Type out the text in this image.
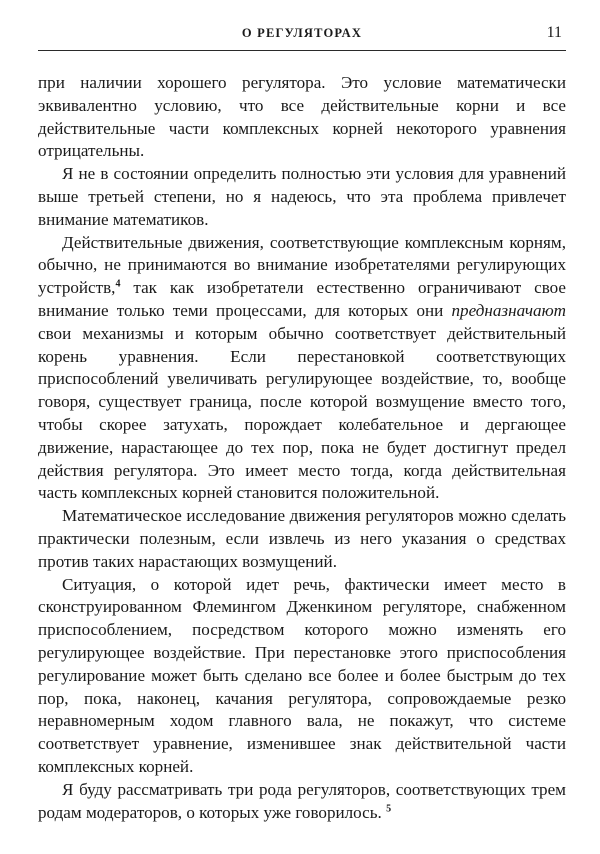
О РЕГУЛЯТОРАХ	11

при наличии хорошего регулятора. Это условие математически эквивалентно условию, что все действительные корни и все действительные части комплексных корней некоторого уравнения отрицательны.

Я не в состоянии определить полностью эти условия для уравнений выше третьей степени, но я надеюсь, что эта проблема привлечет внимание математиков.

Действительные движения, соответствующие комплексным корням, обычно, не принимаются во внимание изобретателями регулирующих устройств,$^4$ так как изобретатели естественно ограничивают свое внимание только теми процессами, для которых они предназначают свои механизмы и которым обычно соответствует действительный корень уравнения. Если перестановкой соответствующих приспособлений увеличивать регулирующее воздействие, то, вообще говоря, существует граница, после которой возмущение вместо того, чтобы скорее затухать, порождает колебательное и дергающее движение, нарастающее до тех пор, пока не будет достигнут предел действия регулятора. Это имеет место тогда, когда действительная часть комплексных корней становится положительной.

Математическое исследование движения регуляторов можно сделать практически полезным, если извлечь из него указания о средствах против таких нарастающих возмущений.

Ситуация, о которой идет речь, фактически имеет место в сконструированном Флемингом Дженкином регуляторе, снабженном приспособлением, посредством которого можно изменять его регулирующее воздействие. При перестановке этого приспособления регулирование может быть сделано все более и более быстрым до тех пор, пока, наконец, качания регулятора, сопровождаемые резко неравномерным ходом главного вала, не покажут, что системе соответствует уравнение, изменившее знак действительной части комплексных корней.

Я буду рассматривать три рода регуляторов, соответствующих трем родам модераторов, о которых уже говорилось. $^5$
